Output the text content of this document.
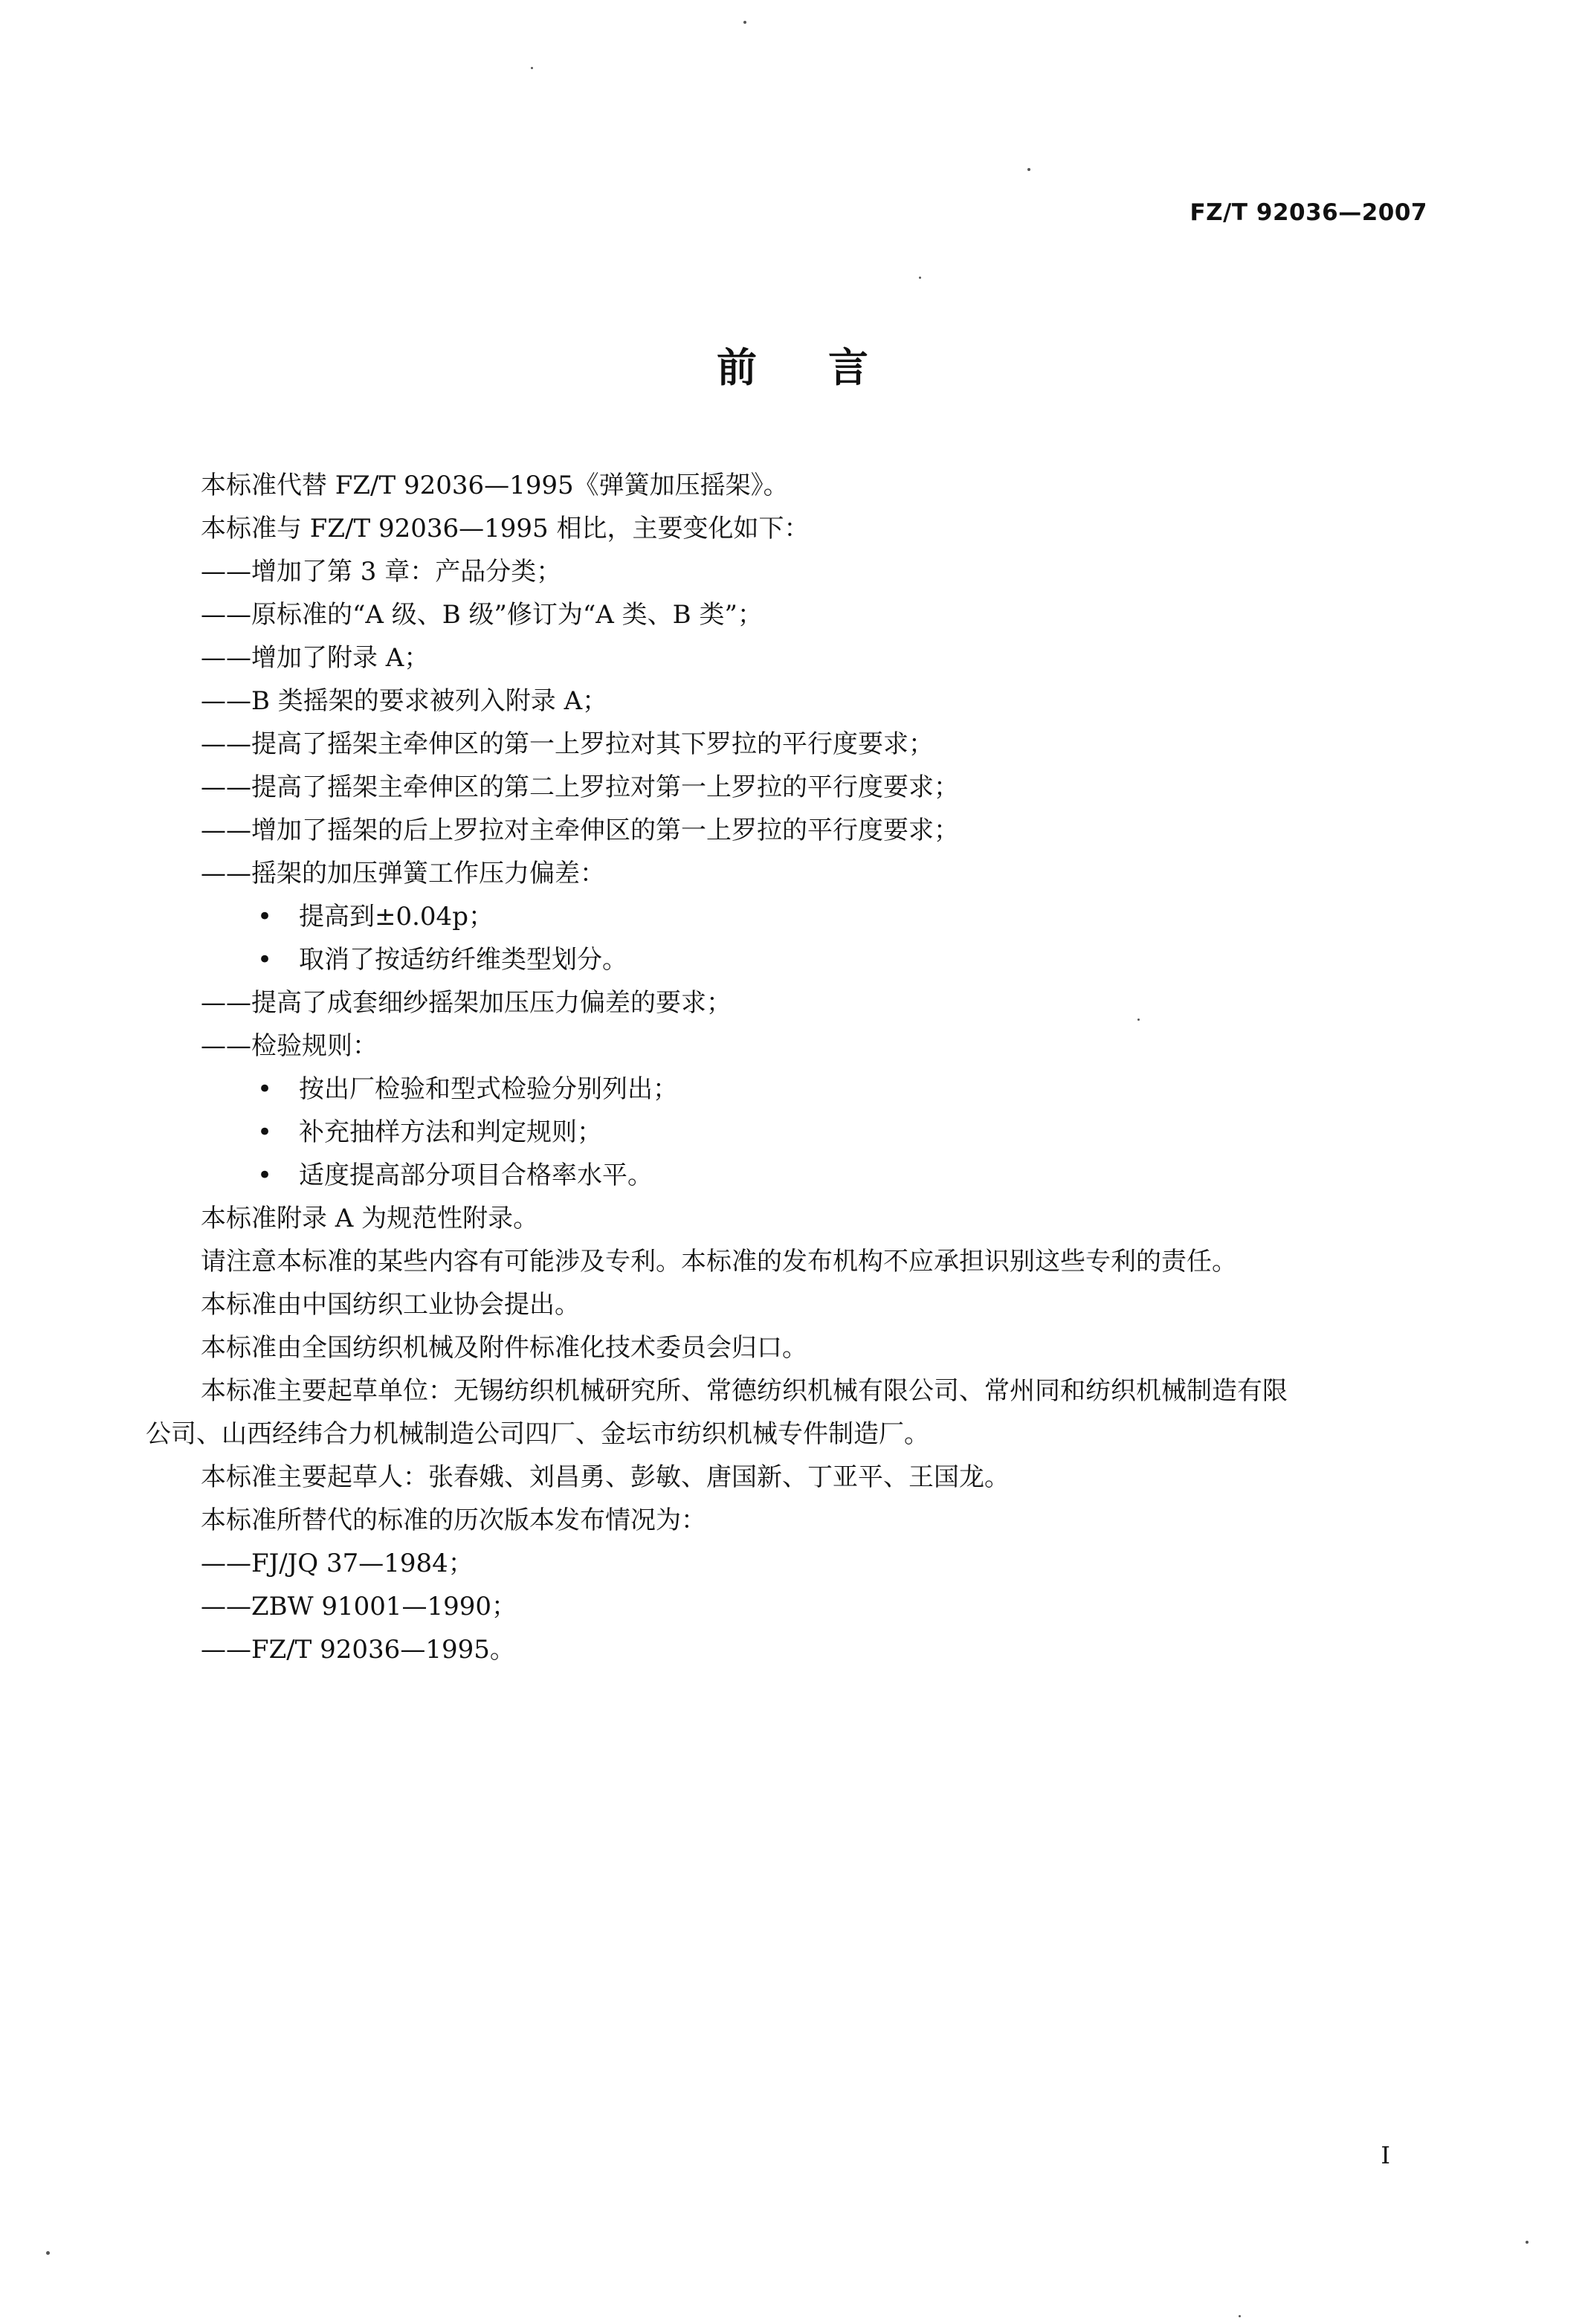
FZ/T 92036—2007
前言
本标准代替 FZ/T 92036—1995《弹簧加压摇架》。
本标准与 FZ/T 92036—1995 相比，主要变化如下：
——增加了第 3 章：产品分类；
——原标准的“A 级、B 级”修订为“A 类、B 类”；
——增加了附录 A；
——B 类摇架的要求被列入附录 A；
——提高了摇架主牵伸区的第一上罗拉对其下罗拉的平行度要求；
——提高了摇架主牵伸区的第二上罗拉对第一上罗拉的平行度要求；
——增加了摇架的后上罗拉对主牵伸区的第一上罗拉的平行度要求；
——摇架的加压弹簧工作压力偏差：
• 提高到±0.04p；
• 取消了按适纺纤维类型划分。
——提高了成套细纱摇架加压压力偏差的要求；
——检验规则：
• 按出厂检验和型式检验分别列出；
• 补充抽样方法和判定规则；
• 适度提高部分项目合格率水平。
本标准附录 A 为规范性附录。
请注意本标准的某些内容有可能涉及专利。本标准的发布机构不应承担识别这些专利的责任。
本标准由中国纺织工业协会提出。
本标准由全国纺织机械及附件标准化技术委员会归口。
本标准主要起草单位：无锡纺织机械研究所、常德纺织机械有限公司、常州同和纺织机械制造有限
公司、山西经纬合力机械制造公司四厂、金坛市纺织机械专件制造厂。
本标准主要起草人：张春娥、刘昌勇、彭敏、唐国新、丁亚平、王国龙。
本标准所替代的标准的历次版本发布情况为：
——FJ/JQ 37—1984；
——ZBW 91001—1990；
——FZ/T 92036—1995。
I
